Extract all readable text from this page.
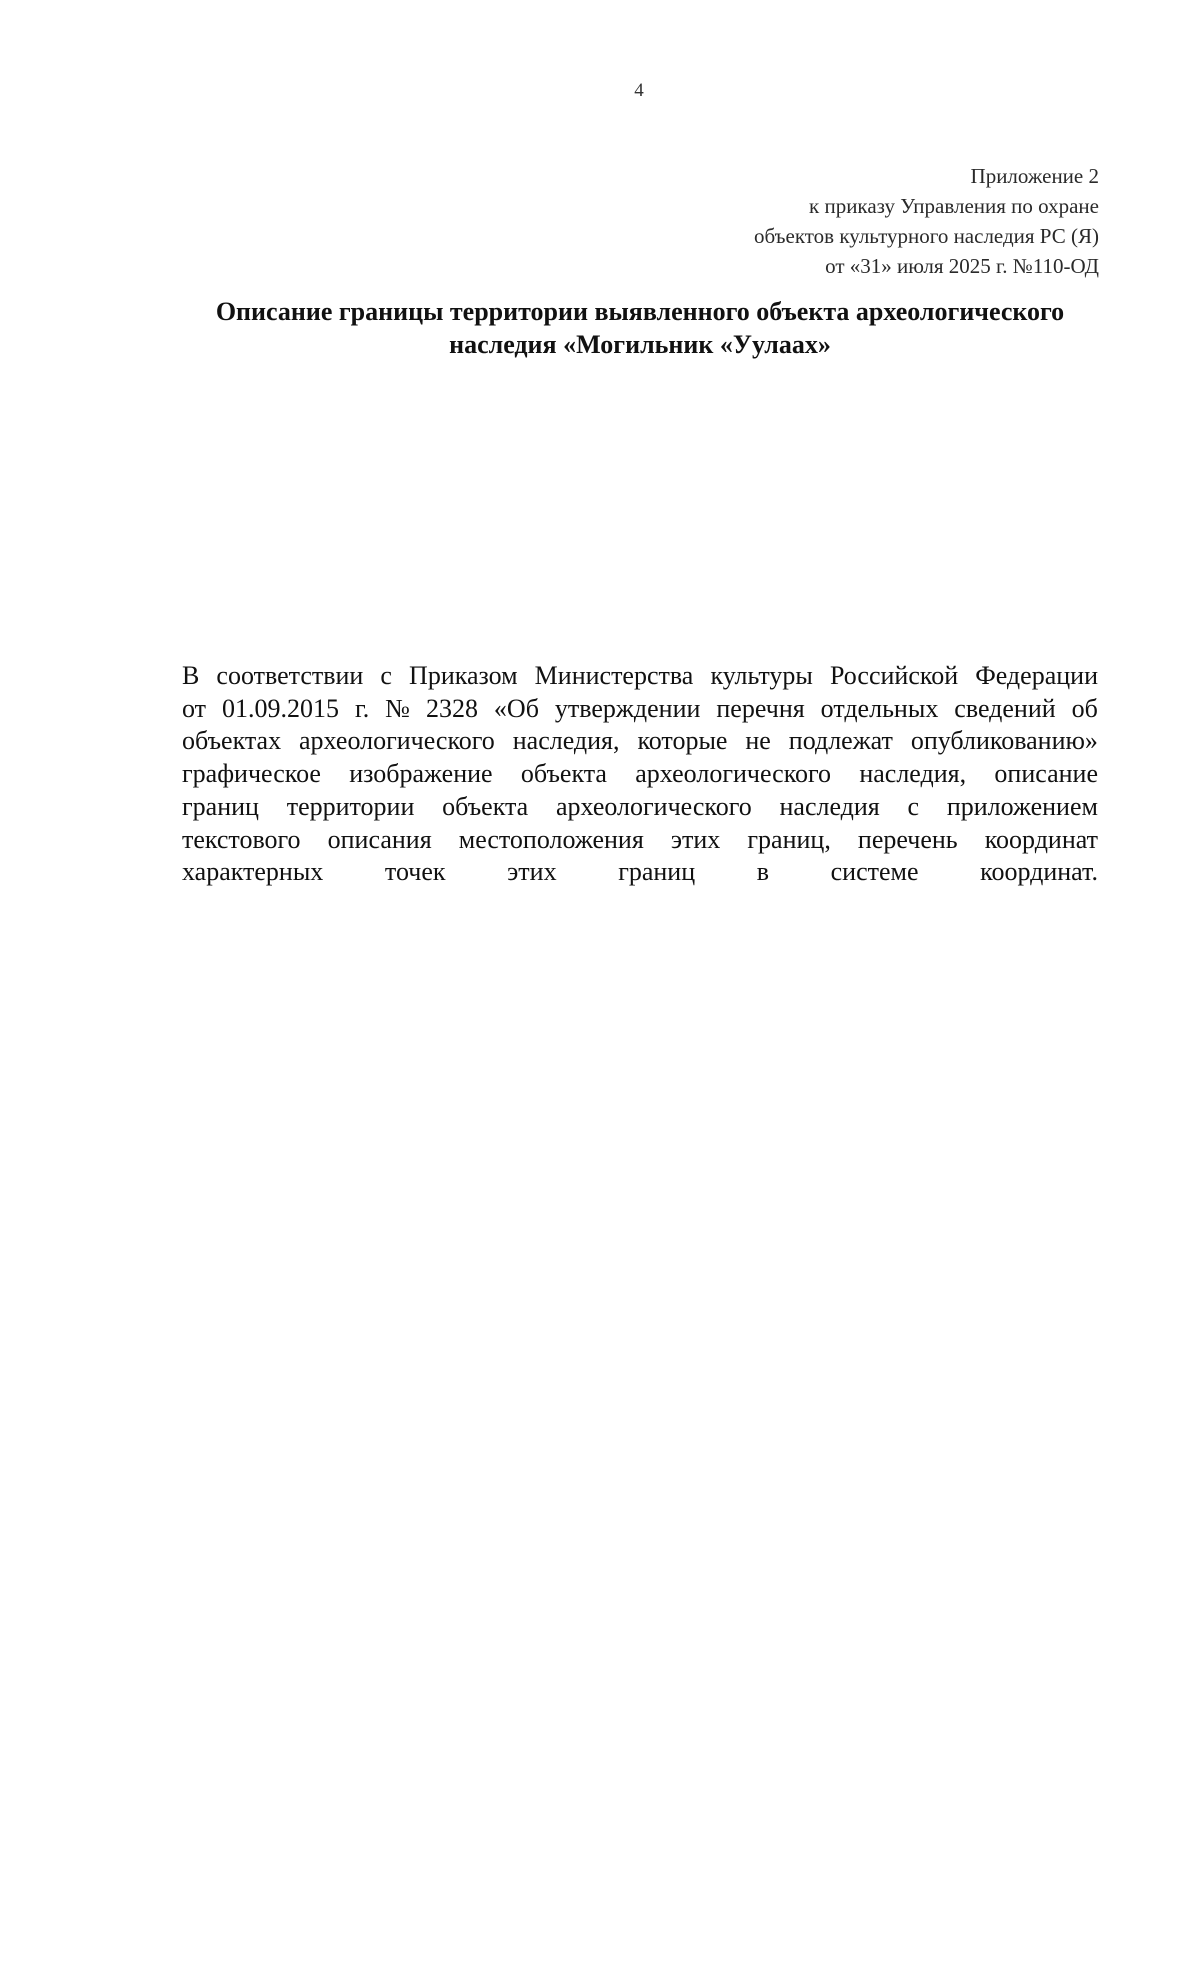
4
Приложение 2
к приказу Управления по охране
объектов культурного наследия РС (Я)
от «31» июля 2025 г. №110-ОД
Описание границы территории выявленного объекта археологического
наследия «Могильник «Уулаах»
В соответствии с Приказом Министерства культуры Российской Федерации
от 01.09.2015 г. № 2328 «Об утверждении перечня отдельных сведений об
объектах археологического наследия, которые не подлежат опубликованию»
графическое изображение объекта археологического наследия, описание
границ территории объекта археологического наследия с приложением
текстового описания местоположения этих границ, перечень координат
характерных точек этих границ в системе координат.
